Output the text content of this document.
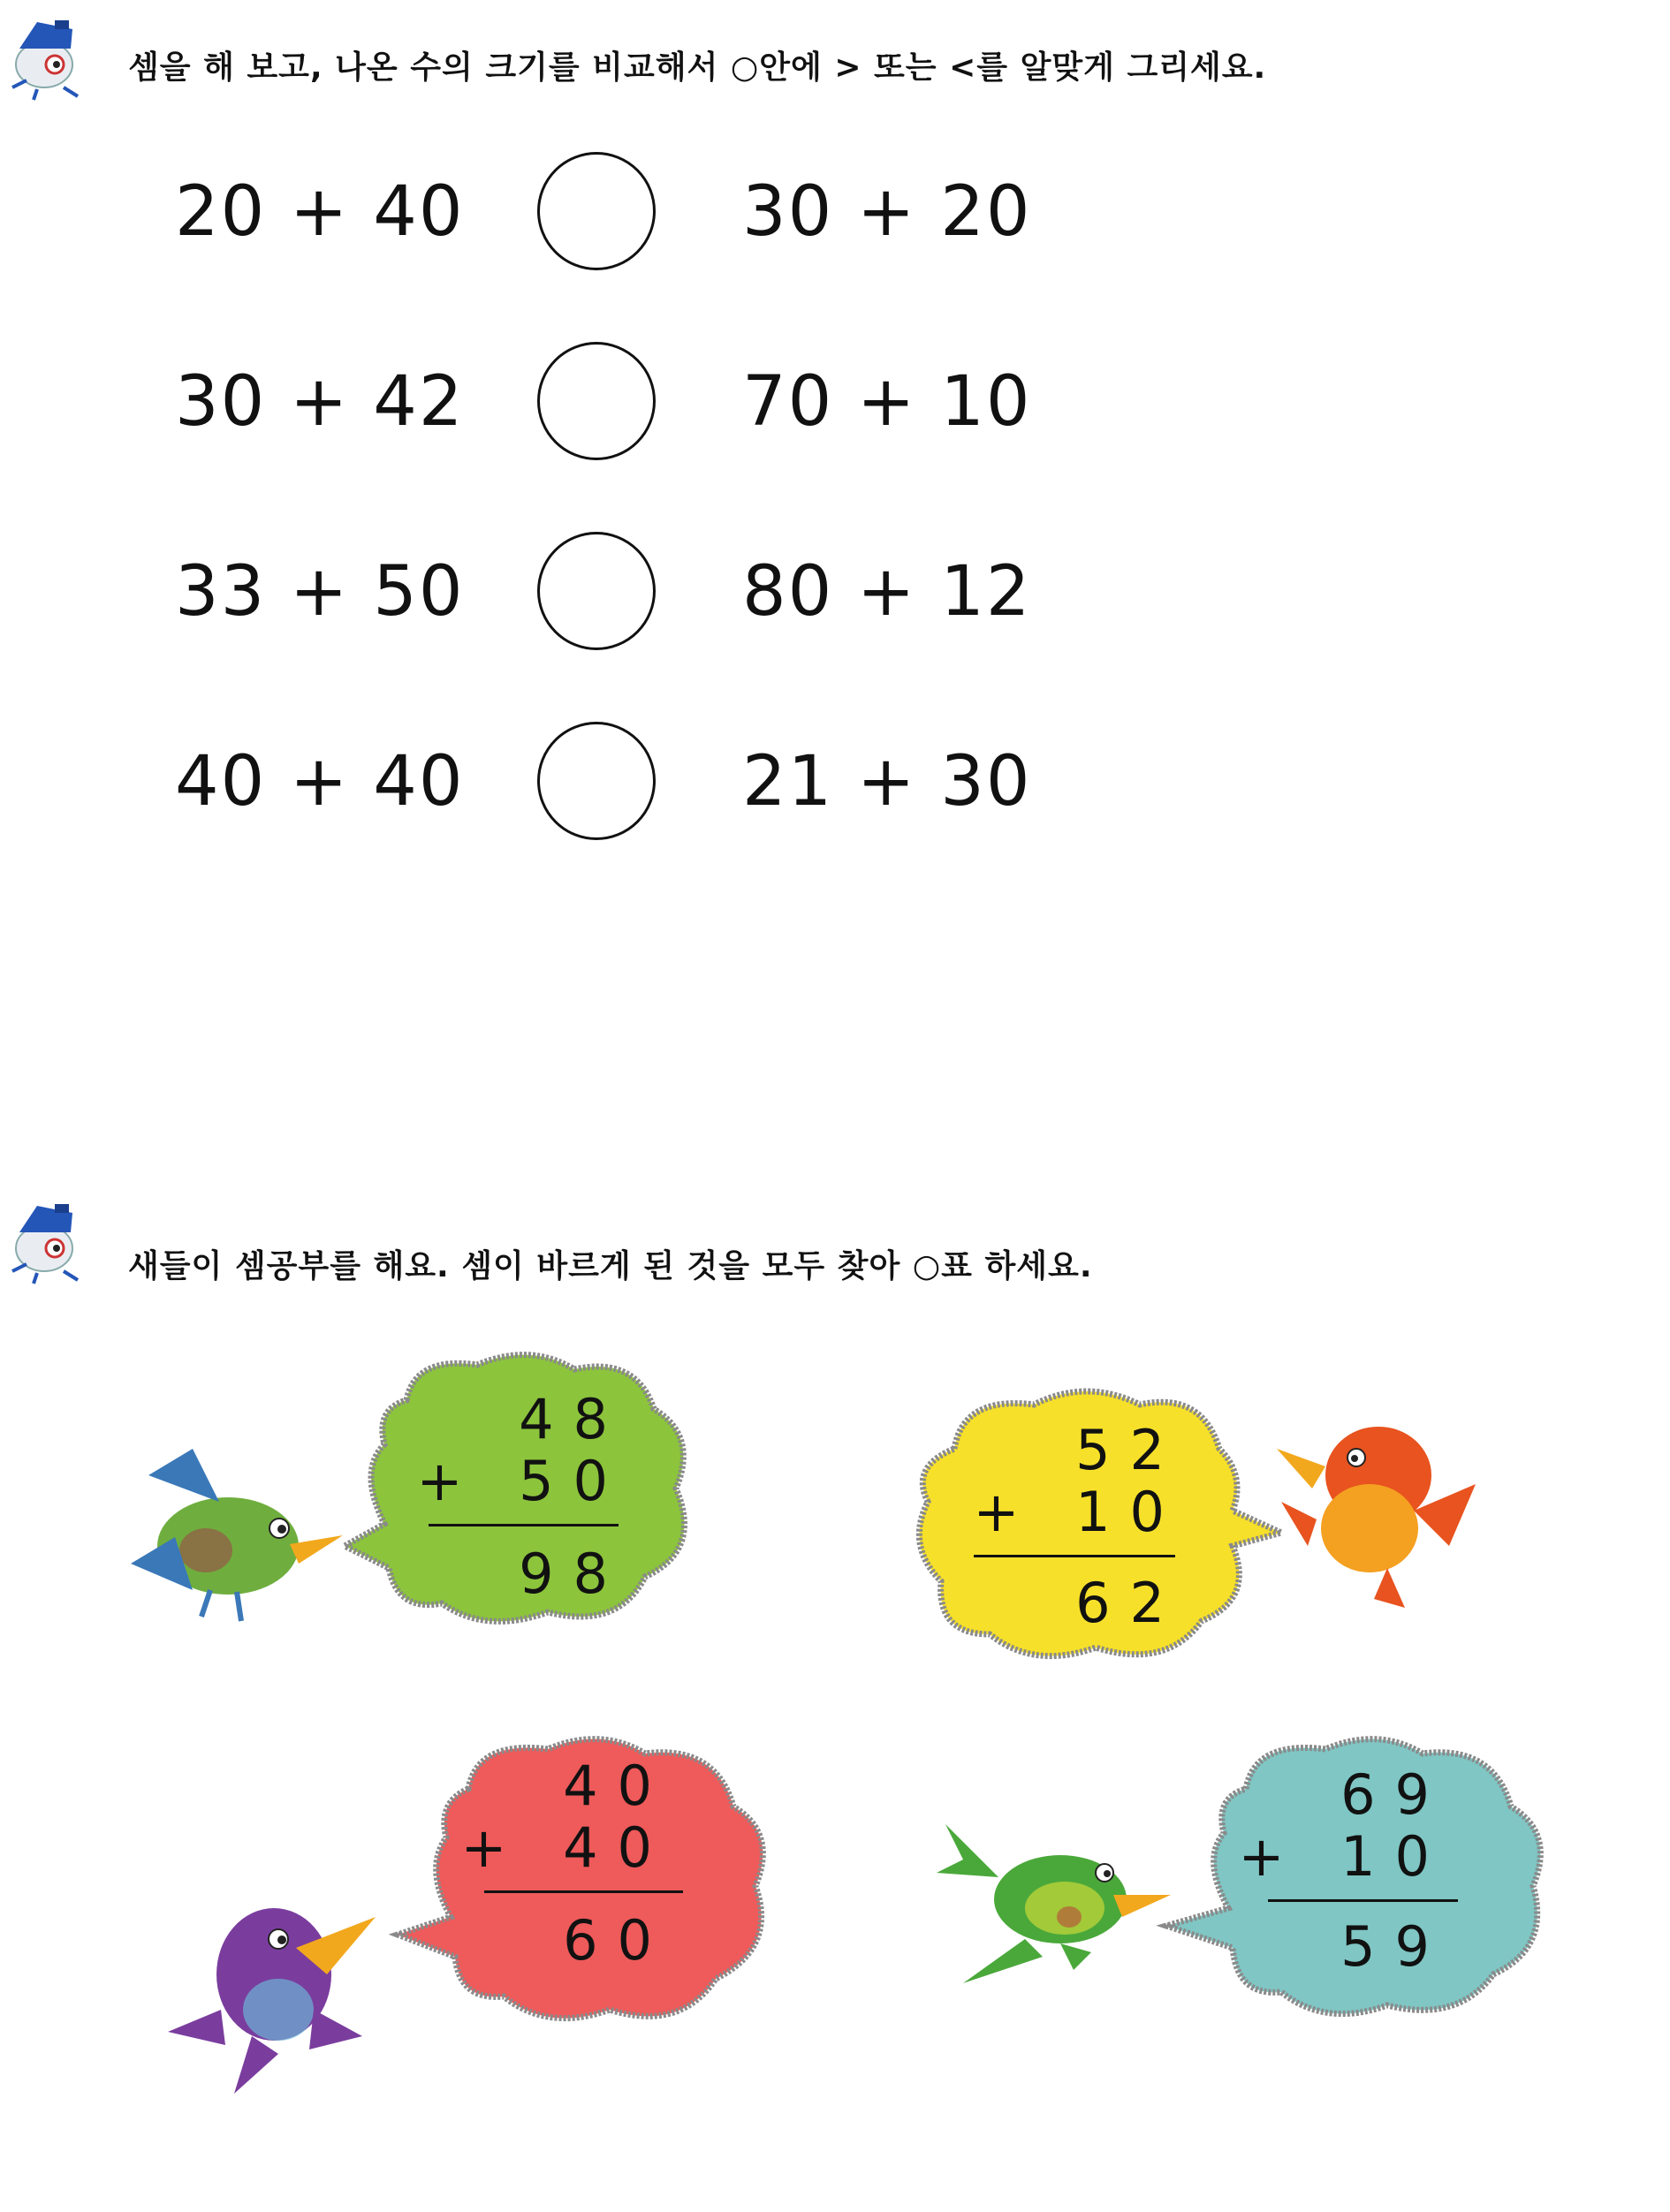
셈을 해 보고, 나온 수의 크기를 비교해서 ○안에 > 또는 <를 알맞게 그리세요.
20 + 40	30 + 20
30 + 42	70 + 10
33 + 50	80 + 12
40 + 40	21 + 30
새들이 셈공부를 해요. 셈이 바르게 된 것을 모두 찾아 ○표 하세요.
48
+ 50
98
52
+ 10
62
40
+ 40
60
69
+ 10
59
